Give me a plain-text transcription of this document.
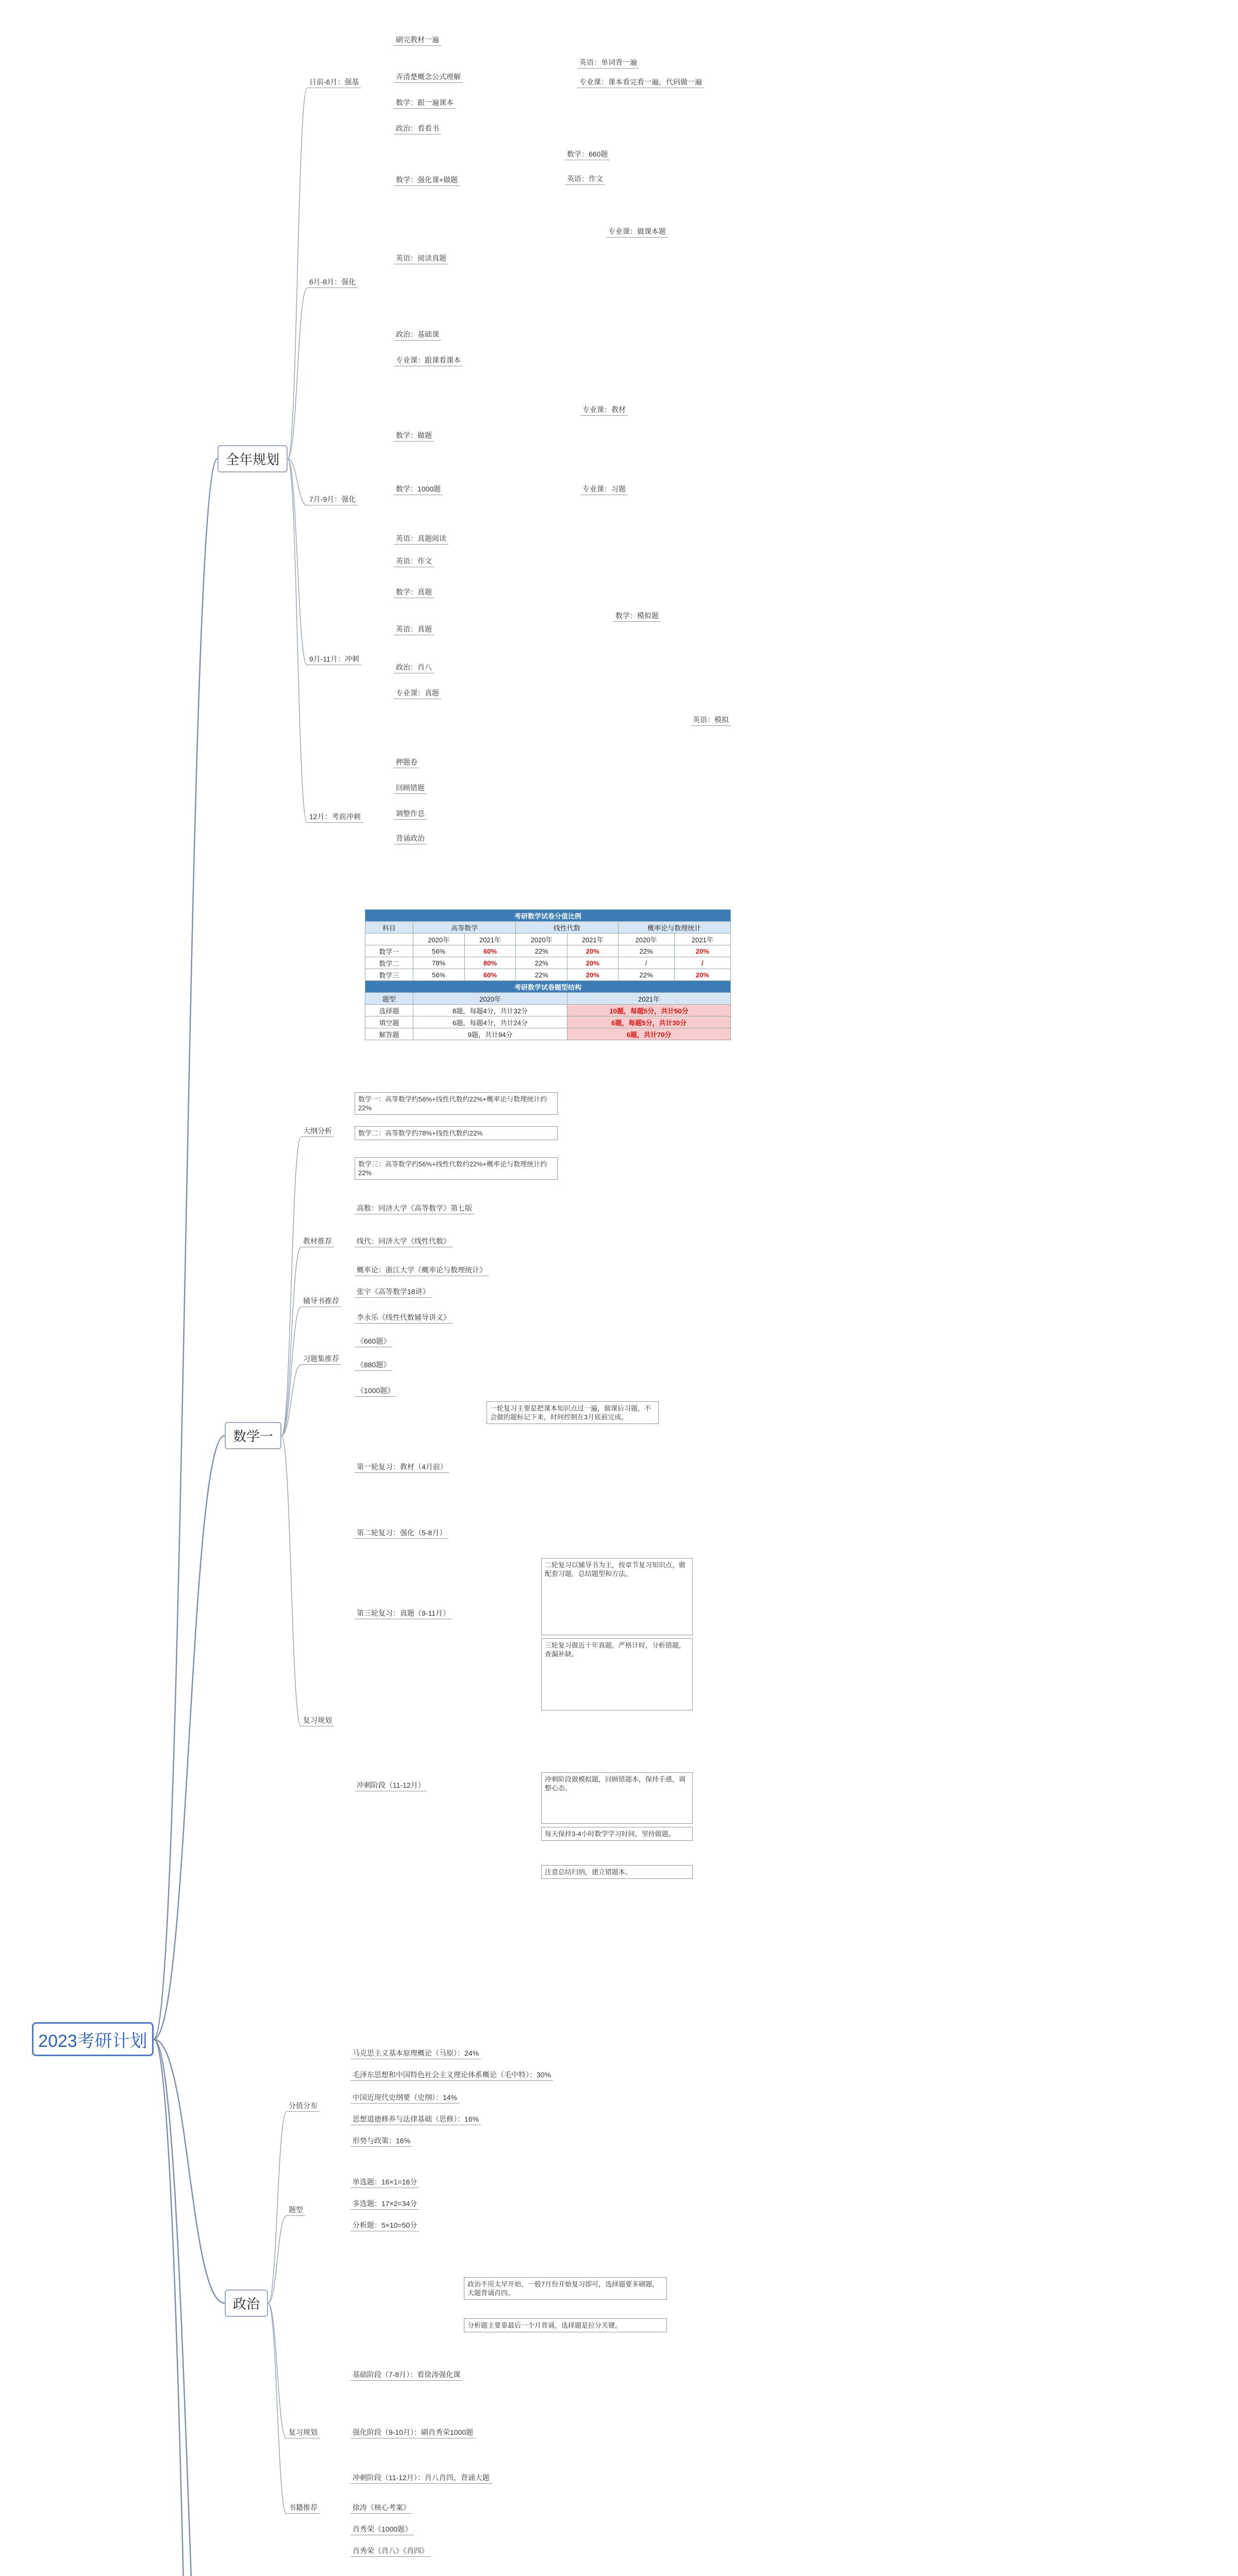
2023考研计划
全年规划
数学一
政治
日前-6月：强基
刷完教材一遍
弄清楚概念公式理解
数学：跟一遍课本
政治：看看书
英语：单词背一遍
专业课：课本看完看一遍，代码做一遍
6月-8月：强化
数学：强化课+做题
英语：阅读真题
政治：基础课
专业课：跟课看课本
数学：660题
英语：作文
专业课：做课本题
7月-9月：强化
数学：做题
数学：1000题
英语：真题阅读
英语：作文
专业课：教材
专业课：习题
9月-11月：冲刺
数学：真题
英语：真题
政治：肖八
专业课：真题
数学：模拟题
英语：模拟
12月：考前冲刺
押题卷
回顾错题
调整作息
背诵政治
考研数学试卷分值比例						
科目	高等数学		线性代数		概率论与数理统计	
	2020年	2021年	2020年	2021年	2020年	2021年
数学一	56%	60%	22%	20%	22%	20%
数学二	78%	80%	22%	20%	/	/
数学三	56%	60%	22%	20%	22%	20%
考研数学试卷题型结构						
题型	2020年			2021年		
选择题	8题，每题4分，共计32分			10题，每题5分，共计50分		
填空题	6题，每题4分，共计24分			6题，每题5分，共计30分		
解答题	9题，共计94分			6题，共计70分		
大纲分析
教材推荐
辅导书推荐
习题集推荐
复习规划
数学一：高等数学约56%+线性代数约22%+概率论与数理统计约22%
数学二：高等数学约78%+线性代数约22%
数学三：高等数学约56%+线性代数约22%+概率论与数理统计约22%
高数：同济大学《高等数学》第七版
线代：同济大学《线性代数》
概率论：浙江大学《概率论与数理统计》
张宇《高等数学18讲》
李永乐《线性代数辅导讲义》
《660题》
《880题》
《1000题》
第一轮复习：教材（4月前）
第二轮复习：强化（5-8月）
第三轮复习：真题（9-11月）
冲刺阶段（11-12月）
一轮复习主要是把课本知识点过一遍，做课后习题，不会做的题标记下来，时间控制在3月底前完成。
二轮复习以辅导书为主，按章节复习知识点，做配套习题，总结题型和方法。
三轮复习做近十年真题，严格计时，分析错题，查漏补缺。
冲刺阶段做模拟题，回顾错题本，保持手感，调整心态。
每天保持3-4小时数学学习时间，坚持做题。
注意总结归纳，建立错题本。
分值分布
题型
复习规划
书籍推荐
马克思主义基本原理概论（马原）：24%
毛泽东思想和中国特色社会主义理论体系概论（毛中特）：30%
中国近现代史纲要（史纲）：14%
思想道德修养与法律基础（思修）：16%
形势与政策：16%
单选题：16×1=16分
多选题：17×2=34分
分析题：5×10=50分
基础阶段（7-8月）：看徐涛强化课
强化阶段（9-10月）：刷肖秀荣1000题
冲刺阶段（11-12月）：肖八肖四，背诵大题
徐涛《核心考案》
肖秀荣《1000题》
肖秀荣《肖八》《肖四》
政治不用太早开始，一般7月份开始复习即可，选择题要多刷题，大题背诵肖四。
分析题主要靠最后一个月背诵，选择题是拉分关键。
